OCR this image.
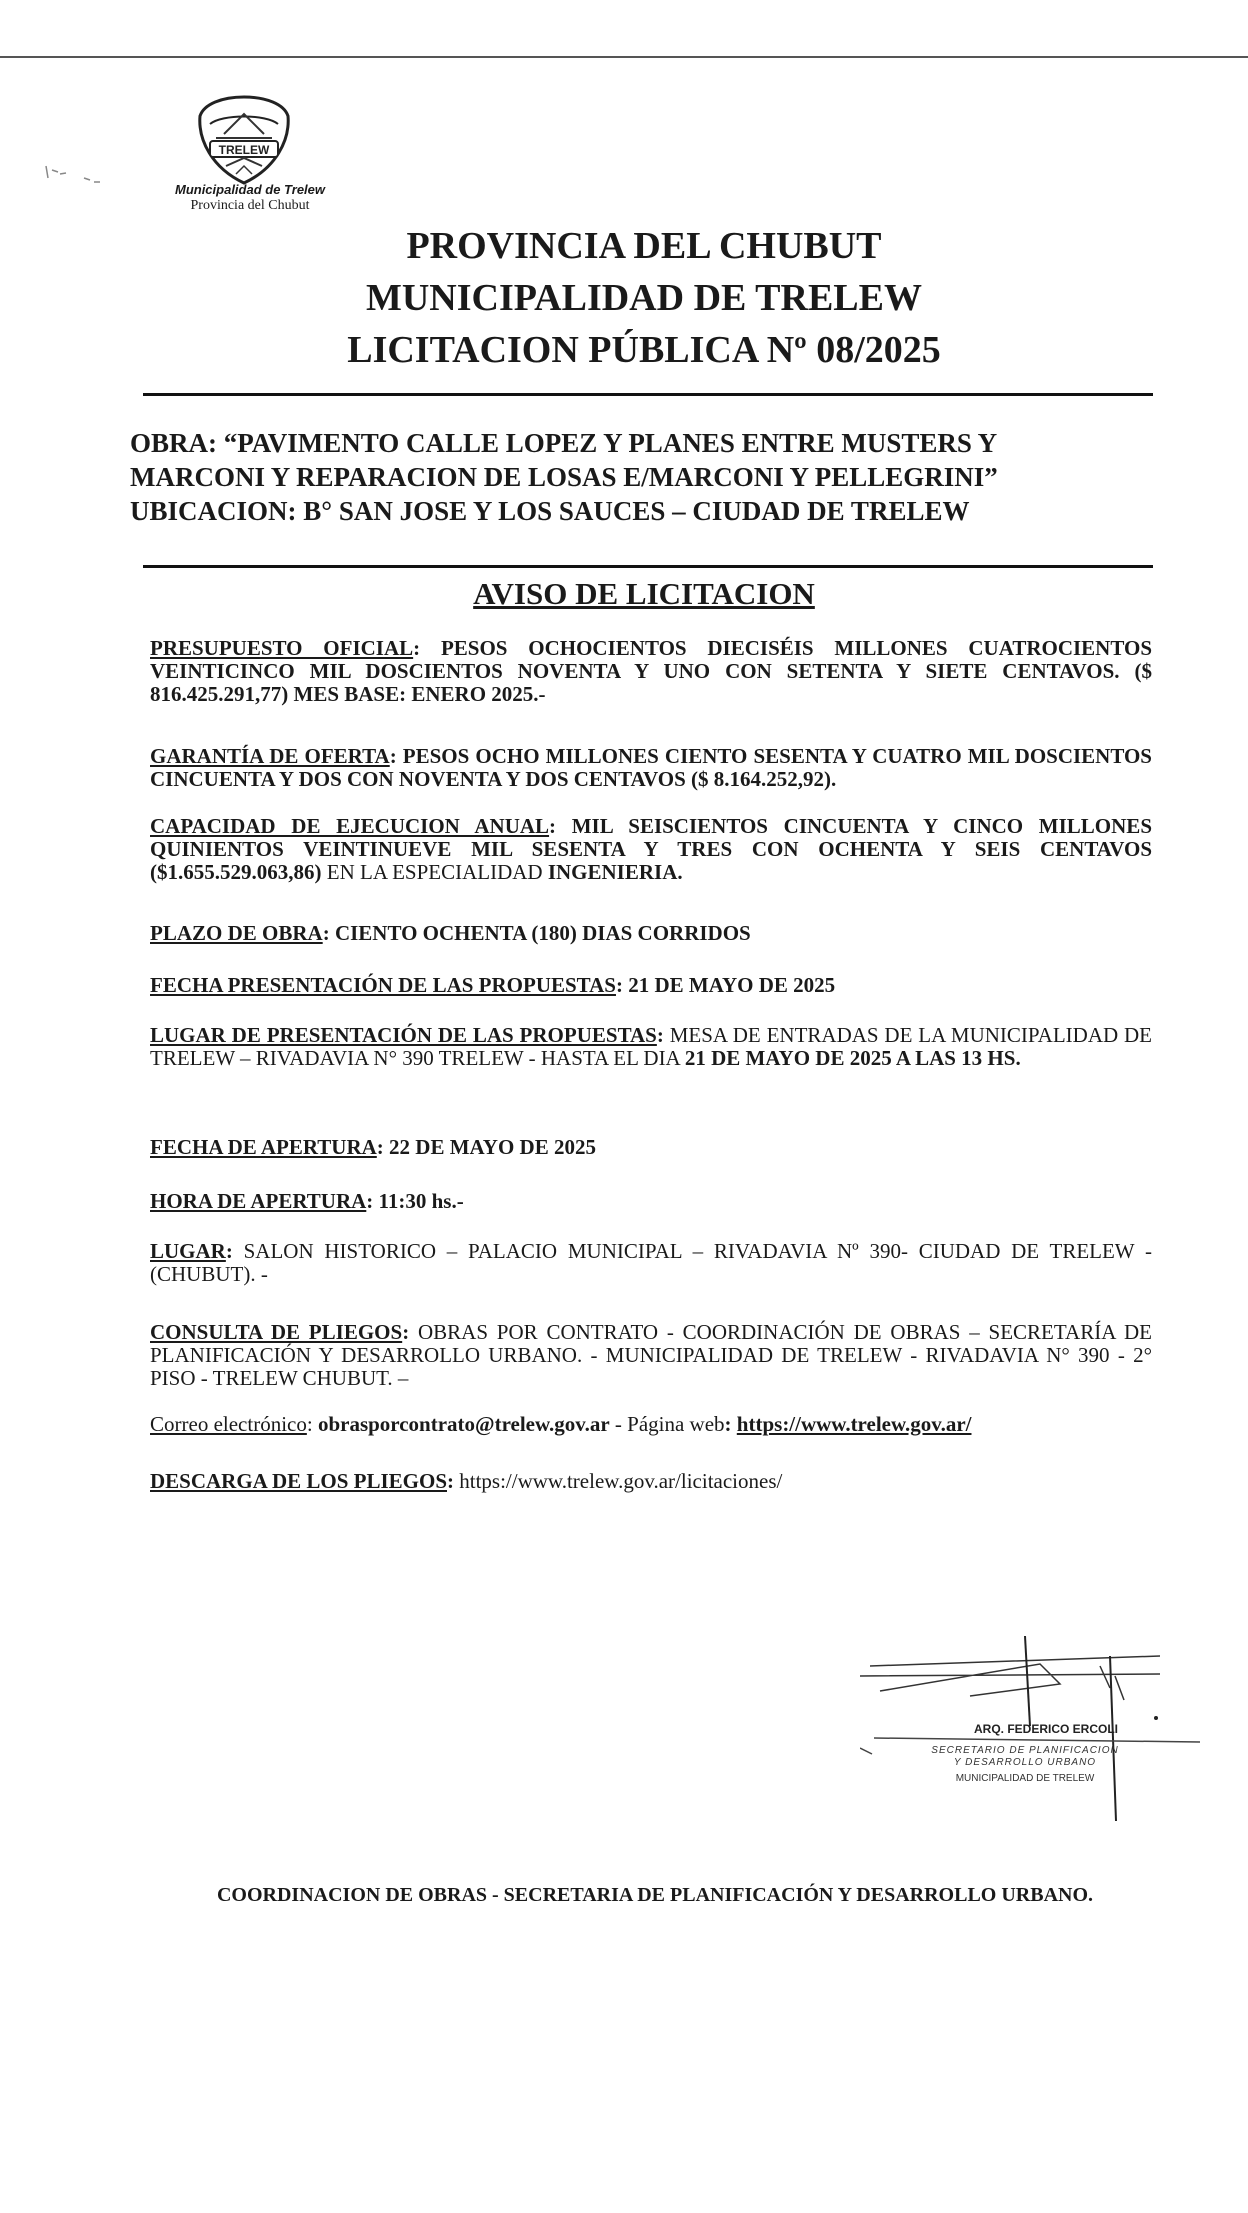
TRELEW
Municipalidad de Trelew
Provincia del Chubut
PROVINCIA DEL CHUBUT
MUNICIPALIDAD DE TRELEW
LICITACION PÚBLICA Nº 08/2025
OBRA: “PAVIMENTO CALLE LOPEZ Y PLANES ENTRE MUSTERS Y
MARCONI Y REPARACION DE LOSAS E/MARCONI Y PELLEGRINI”
UBICACION: B° SAN JOSE Y LOS SAUCES – CIUDAD DE TRELEW
AVISO DE LICITACION
PRESUPUESTO OFICIAL: PESOS OCHOCIENTOS DIECISÉIS MILLONES CUATROCIENTOS VEINTICINCO MIL DOSCIENTOS NOVENTA Y UNO CON SETENTA Y SIETE CENTAVOS. ($ 816.425.291,77) MES BASE: ENERO 2025.-
GARANTÍA DE OFERTA: PESOS OCHO MILLONES CIENTO SESENTA Y CUATRO MIL DOSCIENTOS CINCUENTA Y DOS CON NOVENTA Y DOS CENTAVOS ($ 8.164.252,92).
CAPACIDAD DE EJECUCION ANUAL: MIL SEISCIENTOS CINCUENTA Y CINCO MILLONES QUINIENTOS VEINTINUEVE MIL SESENTA Y TRES CON OCHENTA Y SEIS CENTAVOS ($1.655.529.063,86) EN LA ESPECIALIDAD INGENIERIA.
PLAZO DE OBRA: CIENTO OCHENTA (180) DIAS CORRIDOS
FECHA PRESENTACIÓN DE LAS PROPUESTAS: 21 DE MAYO DE 2025
LUGAR DE PRESENTACIÓN DE LAS PROPUESTAS: MESA DE ENTRADAS DE LA MUNICIPALIDAD DE TRELEW – RIVADAVIA N° 390 TRELEW - HASTA EL DIA 21 DE MAYO DE 2025 A LAS 13 HS.
FECHA DE APERTURA: 22 DE MAYO DE 2025
HORA DE APERTURA: 11:30 hs.-
LUGAR: SALON HISTORICO – PALACIO MUNICIPAL – RIVADAVIA Nº 390- CIUDAD DE TRELEW - (CHUBUT). -
CONSULTA DE PLIEGOS: OBRAS POR CONTRATO - COORDINACIÓN DE OBRAS – SECRETARÍA DE PLANIFICACIÓN Y DESARROLLO URBANO. - MUNICIPALIDAD DE TRELEW - RIVADAVIA N° 390 - 2° PISO - TRELEW CHUBUT. –
Correo electrónico: obrasporcontrato@trelew.gov.ar - Página web: https://www.trelew.gov.ar/
DESCARGA DE LOS PLIEGOS: https://www.trelew.gov.ar/licitaciones/
ARQ. FEDERICO ERCOLI
SECRETARIO DE PLANIFICACION
Y DESARROLLO URBANO
MUNICIPALIDAD DE TRELEW
COORDINACION DE OBRAS - SECRETARIA DE PLANIFICACIÓN Y DESARROLLO URBANO.
